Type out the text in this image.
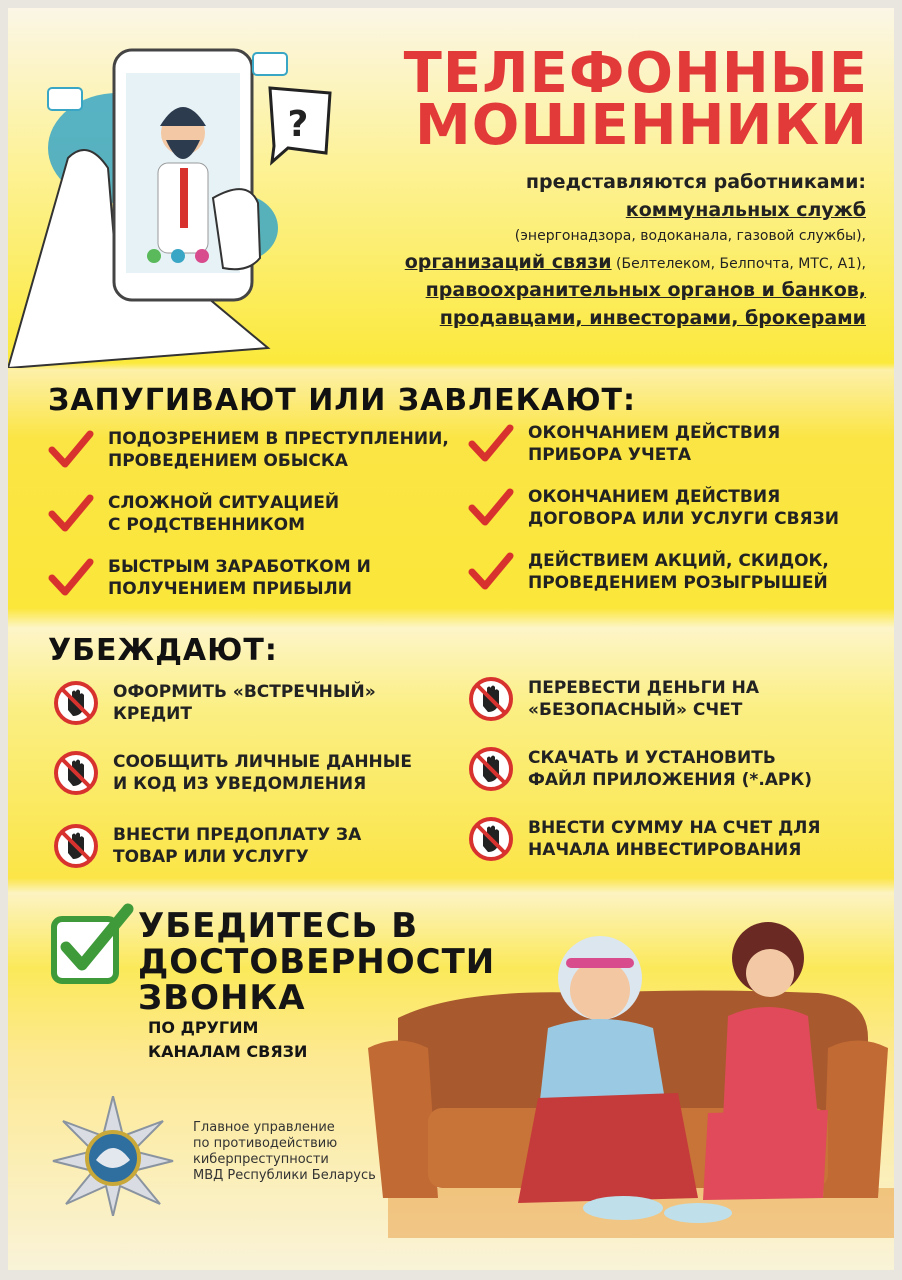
?
ТЕЛЕФОННЫЕ
МОШЕННИКИ
представляются работниками:
коммунальных служб
(энергонадзора, водоканала, газовой службы),
организаций связи (Белтелеком, Белпочта, МТС, А1),
правоохранительных органов и банков,
продавцами, инвесторами, брокерами
ЗАПУГИВАЮТ ИЛИ ЗАВЛЕКАЮТ:
ПОДОЗРЕНИЕМ В ПРЕСТУПЛЕНИИ,
ПРОВЕДЕНИЕМ ОБЫСКА
ОКОНЧАНИЕМ ДЕЙСТВИЯ
ПРИБОРА УЧЕТА
СЛОЖНОЙ СИТУАЦИЕЙ
С РОДСТВЕННИКОМ
ОКОНЧАНИЕМ ДЕЙСТВИЯ
ДОГОВОРА ИЛИ УСЛУГИ СВЯЗИ
БЫСТРЫМ ЗАРАБОТКОМ И
ПОЛУЧЕНИЕМ ПРИБЫЛИ
ДЕЙСТВИЕМ АКЦИЙ, СКИДОК,
ПРОВЕДЕНИЕМ РОЗЫГРЫШЕЙ
УБЕЖДАЮТ:
ОФОРМИТЬ «ВСТРЕЧНЫЙ»
КРЕДИТ
ПЕРЕВЕСТИ ДЕНЬГИ НА
«БЕЗОПАСНЫЙ» СЧЕТ
СООБЩИТЬ ЛИЧНЫЕ ДАННЫЕ
И КОД ИЗ УВЕДОМЛЕНИЯ
СКАЧАТЬ И УСТАНОВИТЬ
ФАЙЛ ПРИЛОЖЕНИЯ (*.АРК)
ВНЕСТИ ПРЕДОПЛАТУ ЗА
ТОВАР ИЛИ УСЛУГУ
ВНЕСТИ СУММУ НА СЧЕТ ДЛЯ
НАЧАЛА ИНВЕСТИРОВАНИЯ
УБЕДИТЕСЬ В
ДОСТОВЕРНОСТИ
ЗВОНКА
ПО ДРУГИМ
КАНАЛАМ СВЯЗИ
Главное управление
по противодействию
киберпреступности
МВД Республики Беларусь
